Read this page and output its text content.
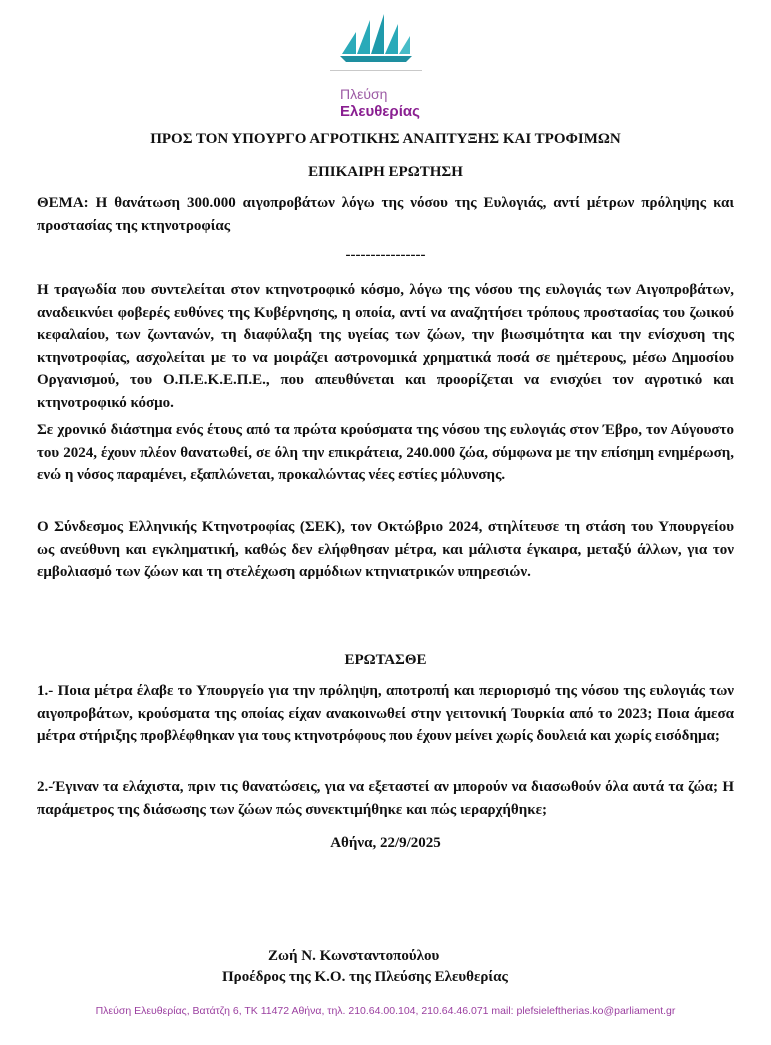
Πλεύση
Ελευθερίας
ΠΡΟΣ ΤΟΝ ΥΠΟΥΡΓΟ ΑΓΡΟΤΙΚΗΣ ΑΝΑΠΤΥΞΗΣ ΚΑΙ ΤΡΟΦΙΜΩΝ
ΕΠΙΚΑΙΡΗ ΕΡΩΤΗΣΗ
ΘΕΜΑ: Η θανάτωση 300.000 αιγοπροβάτων λόγω της νόσου της Ευλογιάς, αντί μέτρων πρόληψης και προστασίας της κτηνοτροφίας
----------------
Η τραγωδία που συντελείται στον κτηνοτροφικό κόσμο, λόγω της νόσου της ευλογιάς των Αιγοπροβάτων, αναδεικνύει φοβερές ευθύνες της Κυβέρνησης, η οποία, αντί να αναζητήσει τρόπους προστασίας του ζωικού κεφαλαίου, των ζωντανών, τη διαφύλαξη της υγείας των ζώων, την βιωσιμότητα και την ενίσχυση της κτηνοτροφίας, ασχολείται με το να μοιράζει αστρονομικά χρηματικά ποσά σε ημέτερους, μέσω Δημοσίου Οργανισμού, του Ο.Π.Ε.Κ.Ε.Π.Ε., που απευθύνεται και προορίζεται να ενισχύει τον αγροτικό και κτηνοτροφικό κόσμο.
Σε χρονικό διάστημα ενός έτους από τα πρώτα κρούσματα της νόσου της ευλογιάς στον Έβρο, τον Αύγουστο του 2024, έχουν πλέον θανατωθεί, σε όλη την επικράτεια, 240.000 ζώα, σύμφωνα με την επίσημη ενημέρωση, ενώ η νόσος παραμένει, εξαπλώνεται, προκαλώντας νέες εστίες μόλυνσης.
Ο Σύνδεσμος Ελληνικής Κτηνοτροφίας (ΣΕΚ), τον Οκτώβριο 2024, στηλίτευσε τη στάση του Υπουργείου ως ανεύθυνη και εγκληματική, καθώς δεν ελήφθησαν μέτρα, και μάλιστα έγκαιρα, μεταξύ άλλων, για τον εμβολιασμό των ζώων και τη στελέχωση αρμόδιων κτηνιατρικών υπηρεσιών.
ΕΡΩΤΑΣΘΕ
1.- Ποια μέτρα έλαβε το Υπουργείο για την πρόληψη, αποτροπή και περιορισμό της νόσου της ευλογιάς των αιγοπροβάτων, κρούσματα της οποίας είχαν ανακοινωθεί στην γειτονική Τουρκία από το 2023; Ποια άμεσα μέτρα στήριξης προβλέφθηκαν για τους κτηνοτρόφους που έχουν μείνει χωρίς δουλειά και χωρίς εισόδημα;
2.-Έγιναν τα ελάχιστα, πριν τις θανατώσεις, για να εξεταστεί αν μπορούν να διασωθούν όλα αυτά τα ζώα; Η παράμετρος της διάσωσης των ζώων πώς συνεκτιμήθηκε και πώς ιεραρχήθηκε;
Αθήνα, 22/9/2025
Ζωή Ν. Κωνσταντοπούλου
Προέδρος της Κ.Ο. της Πλεύσης Ελευθερίας
Πλεύση Ελευθερίας, Βατάτζη 6, ΤΚ 11472 Αθήνα, τηλ. 210.64.00.104, 210.64.46.071 mail: plefsieleftherias.ko@parliament.gr
